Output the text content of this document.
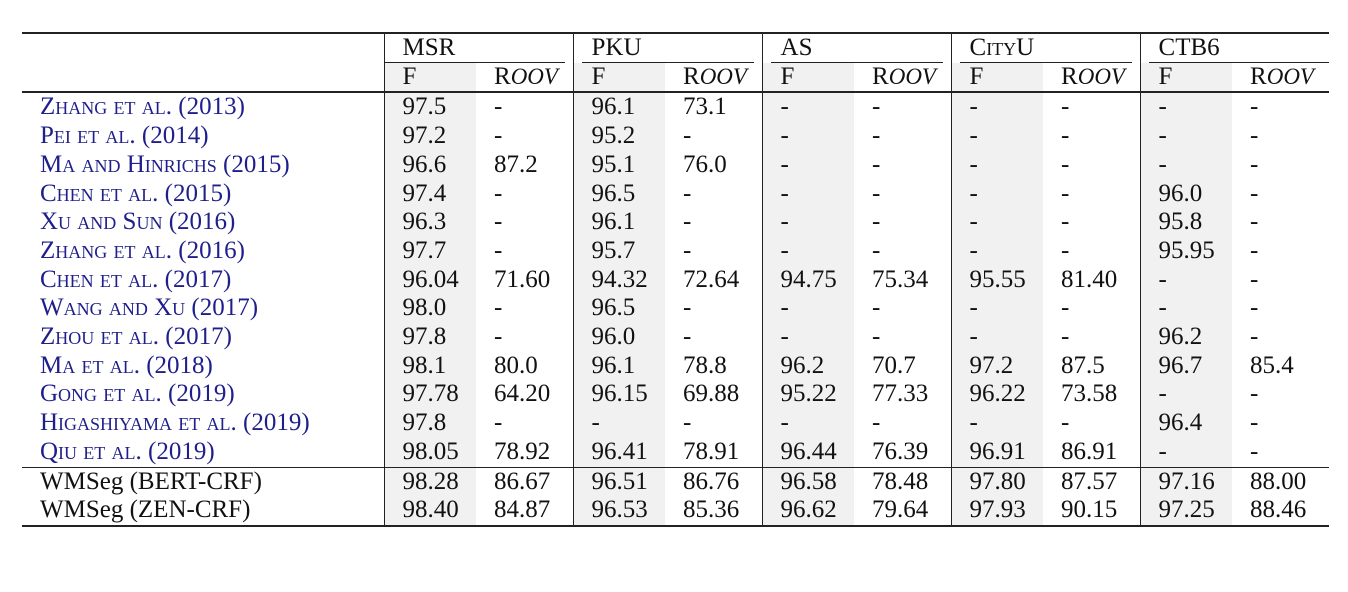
	MSR		PKU		AS		CityU		CTB6	

	F	ROOV	F	ROOV	F	ROOV	F	ROOV	F	ROOV
Zhang et al. (2013)	97.5	-	96.1	73.1	-	-	-	-	-	-
Pei et al. (2014)	97.2	-	95.2	-	-	-	-	-	-	-
Ma and Hinrichs (2015)	96.6	87.2	95.1	76.0	-	-	-	-	-	-
Chen et al. (2015)	97.4	-	96.5	-	-	-	-	-	96.0	-
Xu and Sun (2016)	96.3	-	96.1	-	-	-	-	-	95.8	-
Zhang et al. (2016)	97.7	-	95.7	-	-	-	-	-	95.95	-
Chen et al. (2017)	96.04	71.60	94.32	72.64	94.75	75.34	95.55	81.40	-	-
Wang and Xu (2017)	98.0	-	96.5	-	-	-	-	-	-	-
Zhou et al. (2017)	97.8	-	96.0	-	-	-	-	-	96.2	-
Ma et al. (2018)	98.1	80.0	96.1	78.8	96.2	70.7	97.2	87.5	96.7	85.4
Gong et al. (2019)	97.78	64.20	96.15	69.88	95.22	77.33	96.22	73.58	-	-
Higashiyama et al. (2019)	97.8	-	-	-	-	-	-	-	96.4	-
Qiu et al. (2019)	98.05	78.92	96.41	78.91	96.44	76.39	96.91	86.91	-	-
WMSeg (BERT-CRF)	98.28	86.67	96.51	86.76	96.58	78.48	97.80	87.57	97.16	88.00
WMSeg (ZEN-CRF)	98.40	84.87	96.53	85.36	96.62	79.64	97.93	90.15	97.25	88.46
